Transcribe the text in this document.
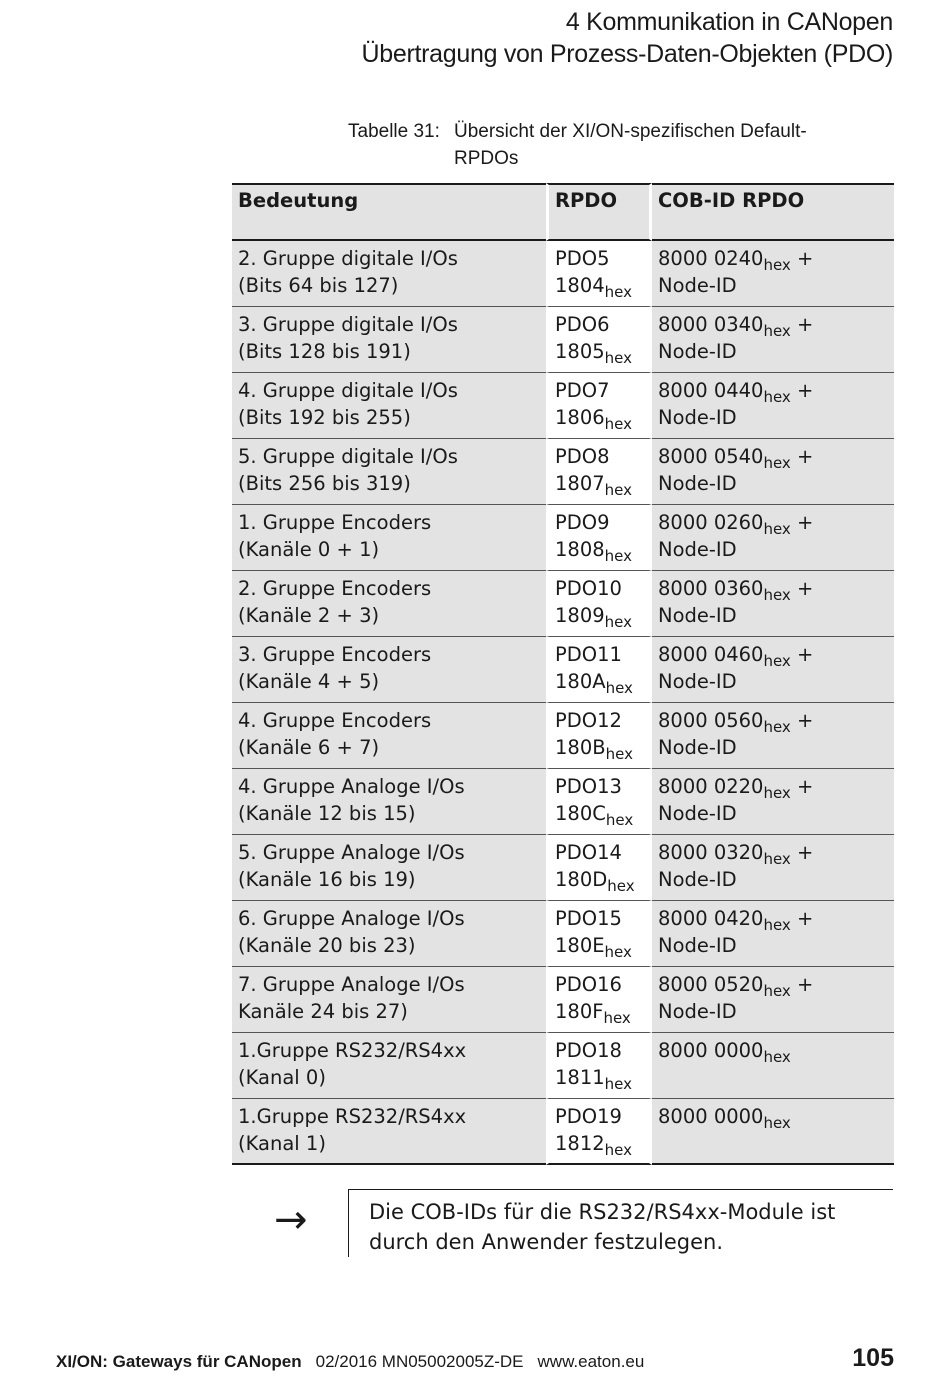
4 Kommunikation in CANopen
Übertragung von Prozess-Daten-Objekten (PDO)
Tabelle 31: Übersicht der XI/ON-spezifischen Default-
RPDOs
Bedeutung	RPDO	COB-ID RPDO

2. Gruppe digitale I/Os
(Bits 64 bis 127)	PDO5
$1804_{hex}$	8000 $0240_{hex}$ +
Node-ID

3. Gruppe digitale I/Os
(Bits 128 bis 191)	PDO6
$1805_{hex}$	8000 $0340_{hex}$ +
Node-ID

4. Gruppe digitale I/Os
(Bits 192 bis 255)	PDO7
$1806_{hex}$	8000 $0440_{hex}$ +
Node-ID

5. Gruppe digitale I/Os
(Bits 256 bis 319)	PDO8
$1807_{hex}$	8000 $0540_{hex}$ +
Node-ID

1. Gruppe Encoders
(Kanäle 0 + 1)	PDO9
$1808_{hex}$	8000 $0260_{hex}$ +
Node-ID

2. Gruppe Encoders
(Kanäle 2 + 3)	PDO10
$1809_{hex}$	8000 $0360_{hex}$ +
Node-ID

3. Gruppe Encoders
(Kanäle 4 + 5)	PDO11
$180A_{hex}$	8000 $0460_{hex}$ +
Node-ID

4. Gruppe Encoders
(Kanäle 6 + 7)	PDO12
$180B_{hex}$	8000 $0560_{hex}$ +
Node-ID

4. Gruppe Analoge I/Os
(Kanäle 12 bis 15)	PDO13
$180C_{hex}$	8000 $0220_{hex}$ +
Node-ID

5. Gruppe Analoge I/Os
(Kanäle 16 bis 19)	PDO14
$180D_{hex}$	8000 $0320_{hex}$ +
Node-ID

6. Gruppe Analoge I/Os
(Kanäle 20 bis 23)	PDO15
$180E_{hex}$	8000 $0420_{hex}$ +
Node-ID

7. Gruppe Analoge I/Os
Kanäle 24 bis 27)	PDO16
$180F_{hex}$	8000 $0520_{hex}$ +
Node-ID

1.Gruppe RS232/RS4xx
(Kanal 0)	PDO18
$1811_{hex}$	8000 $0000_{hex}$

1.Gruppe RS232/RS4xx
(Kanal 1)	PDO19
$1812_{hex}$	8000 $0000_{hex}$
→	Die COB-IDs für die RS232/RS4xx-Module ist
durch den Anwender festzulegen.
XI/ON: Gateways für CANopen 02/2016 MN05002005Z-DE www.eaton.eu	105
